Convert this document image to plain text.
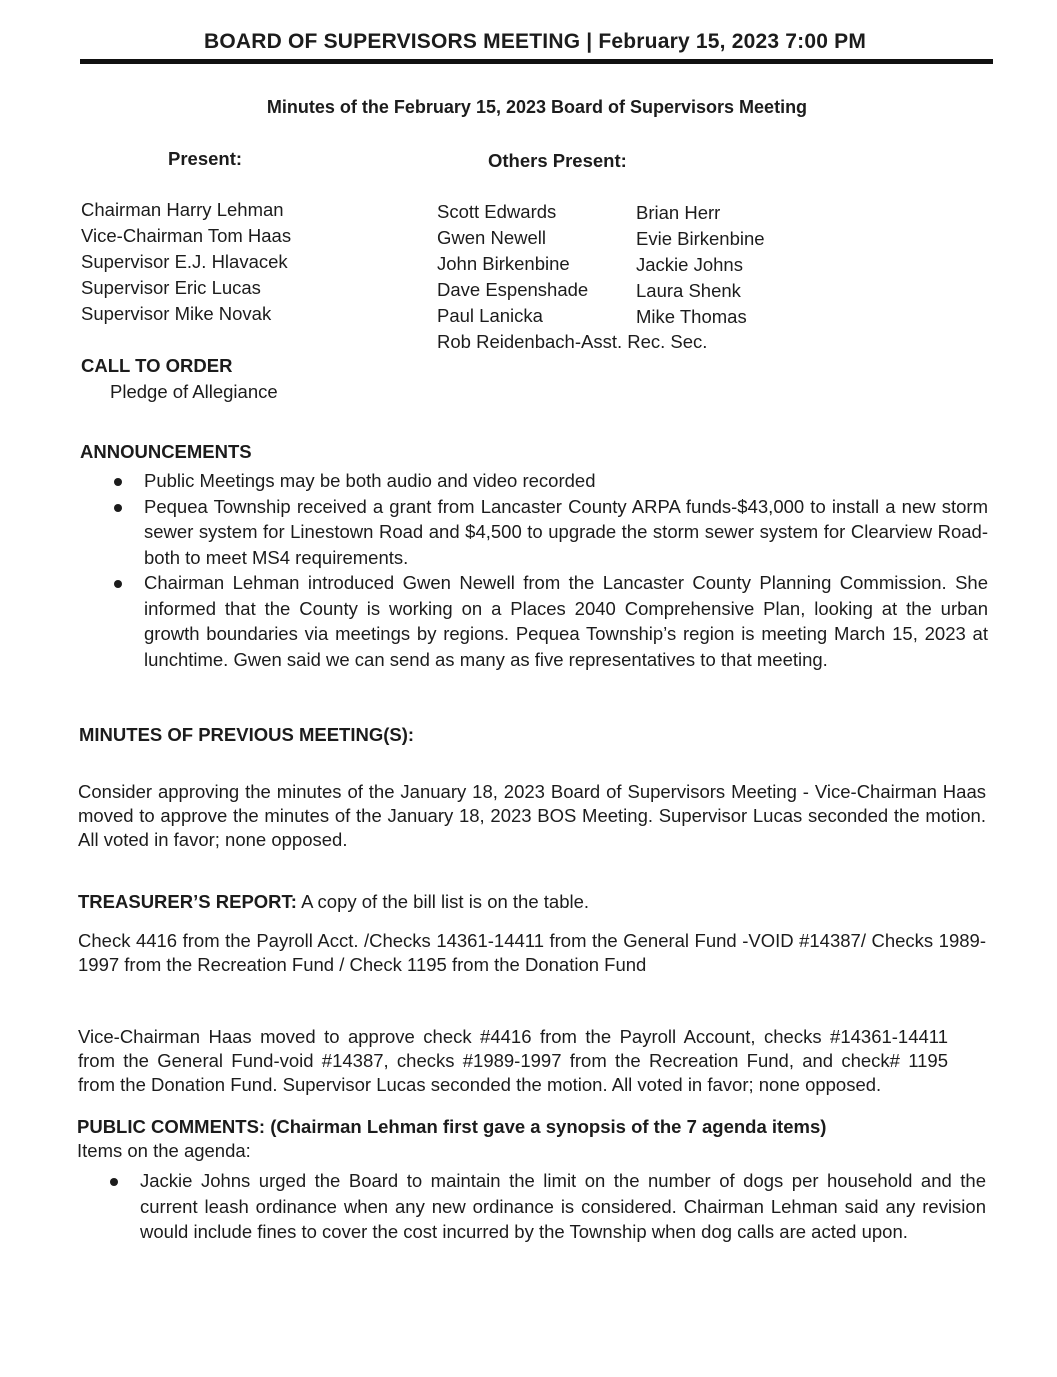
BOARD OF SUPERVISORS MEETING | February 15, 2023 7:00 PM
Minutes of the February 15, 2023 Board of Supervisors Meeting
Present:	Others Present:
Chairman Harry Lehman
Vice-Chairman Tom Haas
Supervisor E.J. Hlavacek
Supervisor Eric Lucas
Supervisor Mike Novak
Scott Edwards
Gwen Newell
John Birkenbine
Dave Espenshade
Paul Lanicka
Rob Reidenbach-Asst. Rec. Sec.
Brian Herr
Evie Birkenbine
Jackie Johns
Laura Shenk
Mike Thomas
CALL TO ORDER
Pledge of Allegiance
ANNOUNCEMENTS
Public Meetings may be both audio and video recorded
Pequea Township received a grant from Lancaster County ARPA funds-$43,000 to install a new storm sewer system for Linestown Road and $4,500 to upgrade the storm sewer system for Clearview Road- both to meet MS4 requirements.
Chairman Lehman introduced Gwen Newell from the Lancaster County Planning Commission. She informed that the County is working on a Places 2040 Comprehensive Plan, looking at the urban growth boundaries via meetings by regions. Pequea Township’s region is meeting March 15, 2023 at lunchtime. Gwen said we can send as many as five representatives to that meeting.
MINUTES OF PREVIOUS MEETING(S):
Consider approving the minutes of the January 18, 2023 Board of Supervisors Meeting - Vice-Chairman Haas moved to approve the minutes of the January 18, 2023 BOS Meeting. Supervisor Lucas seconded the motion. All voted in favor; none opposed.
TREASURER’S REPORT: A copy of the bill list is on the table.
Check 4416 from the Payroll Acct. /Checks 14361-14411 from the General Fund -VOID #14387/ Checks 1989-1997 from the Recreation Fund / Check 1195 from the Donation Fund
Vice-Chairman Haas moved to approve check #4416 from the Payroll Account, checks #14361-14411 from the General Fund-void #14387, checks #1989-1997 from the Recreation Fund, and check# 1195 from the Donation Fund. Supervisor Lucas seconded the motion. All voted in favor; none opposed.
PUBLIC COMMENTS: (Chairman Lehman first gave a synopsis of the 7 agenda items)
Items on the agenda:
Jackie Johns urged the Board to maintain the limit on the number of dogs per household and the current leash ordinance when any new ordinance is considered. Chairman Lehman said any revision would include fines to cover the cost incurred by the Township when dog calls are acted upon.
